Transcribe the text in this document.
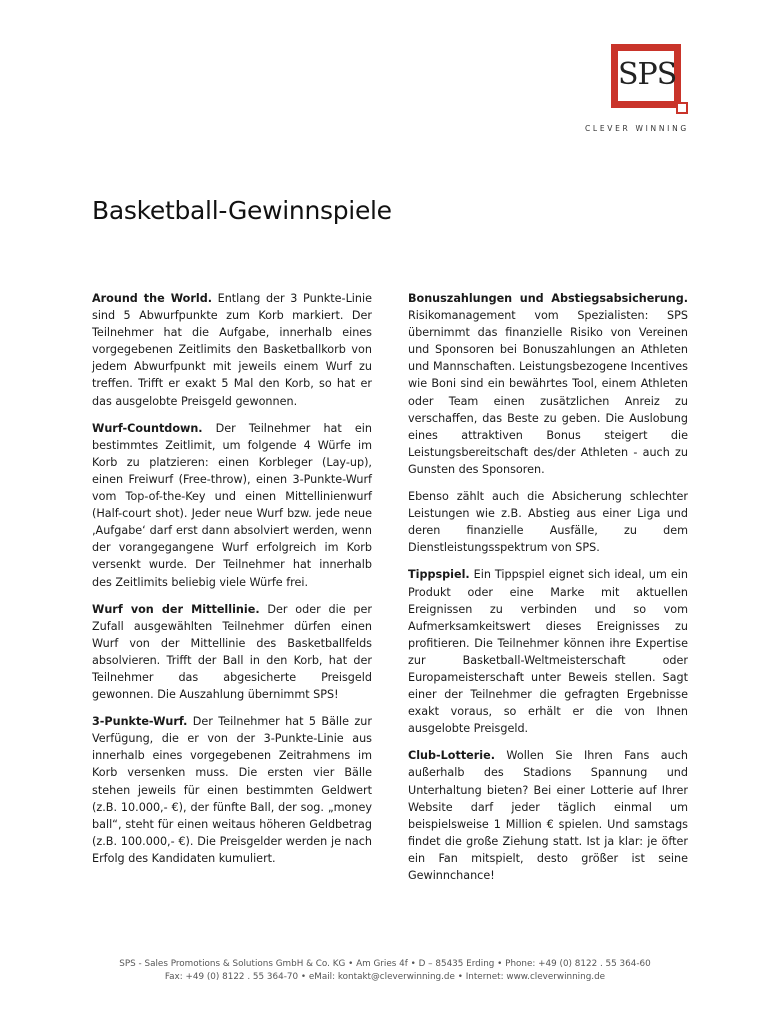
SPS
CLEVER WINNING
Basketball-Gewinnspiele

Around the World. Entlang der 3 Punkte-Linie sind 5 Abwurfpunkte zum Korb markiert. Der Teilnehmer hat die Aufgabe, innerhalb eines vorgegebenen Zeitlimits den Basketballkorb von jedem Abwurfpunkt mit jeweils einem Wurf zu treffen. Trifft er exakt 5 Mal den Korb, so hat er das ausgelobte Preisgeld gewonnen.

Wurf-Countdown. Der Teilnehmer hat ein bestimmtes Zeitlimit, um folgende 4 Würfe im Korb zu platzieren: einen Korbleger (Lay-up), einen Freiwurf (Free-throw), einen 3-Punkte-Wurf vom Top-of-the-Key und einen Mittellinienwurf (Half-court shot). Jeder neue Wurf bzw. jede neue ‚Aufgabe‘ darf erst dann absolviert werden, wenn der vorangegangene Wurf erfolgreich im Korb versenkt wurde. Der Teilnehmer hat innerhalb des Zeitlimits beliebig viele Würfe frei.

Wurf von der Mittellinie. Der oder die per Zufall ausgewählten Teilnehmer dürfen einen Wurf von der Mittellinie des Basketballfelds absolvieren. Trifft der Ball in den Korb, hat der Teilnehmer das abgesicherte Preisgeld gewonnen. Die Auszahlung übernimmt SPS!

3-Punkte-Wurf. Der Teilnehmer hat 5 Bälle zur Verfügung, die er von der 3-Punkte-Linie aus innerhalb eines vorgegebenen Zeitrahmens im Korb versenken muss. Die ersten vier Bälle stehen jeweils für einen bestimmten Geldwert (z.B. 10.000,- €), der fünfte Ball, der sog. „money ball“, steht für einen weitaus höheren Geldbetrag (z.B. 100.000,- €). Die Preisgelder werden je nach Erfolg des Kandidaten kumuliert.

Bonuszahlungen und Abstiegsabsicherung. Risikomanagement vom Spezialisten: SPS übernimmt das finanzielle Risiko von Vereinen und Sponsoren bei Bonuszahlungen an Athleten und Mannschaften. Leistungsbezogene Incentives wie Boni sind ein bewährtes Tool, einem Athleten oder Team einen zusätzlichen Anreiz zu verschaffen, das Beste zu geben. Die Auslobung eines attraktiven Bonus steigert die Leistungsbereitschaft des/der Athleten - auch zu Gunsten des Sponsoren.

Ebenso zählt auch die Absicherung schlechter Leistungen wie z.B. Abstieg aus einer Liga und deren finanzielle Ausfälle, zu dem Dienstleistungsspektrum von SPS.

Tippspiel. Ein Tippspiel eignet sich ideal, um ein Produkt oder eine Marke mit aktuellen Ereignissen zu verbinden und so vom Aufmerksamkeitswert dieses Ereignisses zu profitieren. Die Teilnehmer können ihre Expertise zur Basketball-Weltmeisterschaft oder Europameisterschaft unter Beweis stellen. Sagt einer der Teilnehmer die gefragten Ergebnisse exakt voraus, so erhält er die von Ihnen ausgelobte Preisgeld.

Club-Lotterie. Wollen Sie Ihren Fans auch außerhalb des Stadions Spannung und Unterhaltung bieten? Bei einer Lotterie auf Ihrer Website darf jeder täglich einmal um beispielsweise 1 Million € spielen. Und samstags findet die große Ziehung statt. Ist ja klar: je öfter ein Fan mitspielt, desto größer ist seine Gewinnchance!

SPS - Sales Promotions & Solutions GmbH & Co. KG • Am Gries 4f • D – 85435 Erding • Phone: +49 (0) 8122 . 55 364-60
Fax: +49 (0) 8122 . 55 364-70 • eMail: kontakt@cleverwinning.de • Internet: www.cleverwinning.de
